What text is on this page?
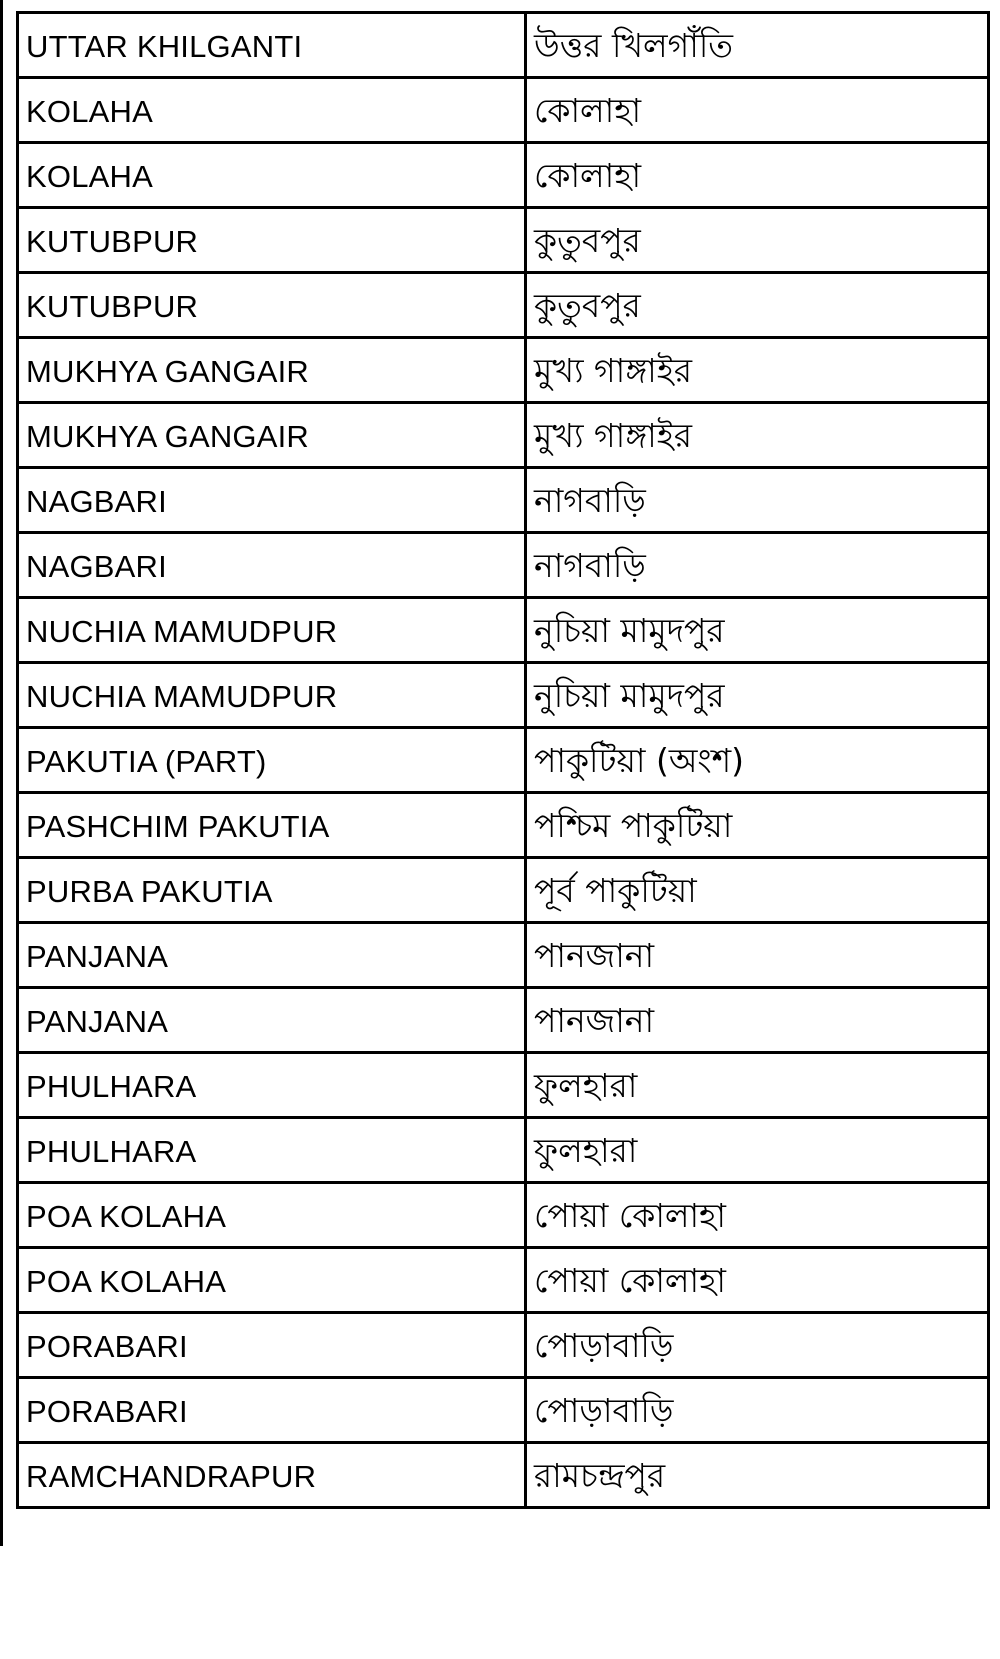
UTTAR KHILGANTI	উত্তর খিলগাঁতি
KOLAHA	কোলাহা
KOLAHA	কোলাহা
KUTUBPUR	কুতুবপুর
KUTUBPUR	কুতুবপুর
MUKHYA GANGAIR	মুখ্য গাঙ্গাইর
MUKHYA GANGAIR	মুখ্য গাঙ্গাইর
NAGBARI	নাগবাড়ি
NAGBARI	নাগবাড়ি
NUCHIA MAMUDPUR	নুচিয়া মামুদপুর
NUCHIA MAMUDPUR	নুচিয়া মামুদপুর
PAKUTIA (PART)	পাকুটিয়া (অংশ)
PASHCHIM PAKUTIA	পশ্চিম পাকুটিয়া
PURBA PAKUTIA	পূর্ব পাকুটিয়া
PANJANA	পানজানা
PANJANA	পানজানা
PHULHARA	ফুলহারা
PHULHARA	ফুলহারা
POA KOLAHA	পোয়া কোলাহা
POA KOLAHA	পোয়া কোলাহা
PORABARI	পোড়াবাড়ি
PORABARI	পোড়াবাড়ি
RAMCHANDRAPUR	রামচন্দ্রপুর
